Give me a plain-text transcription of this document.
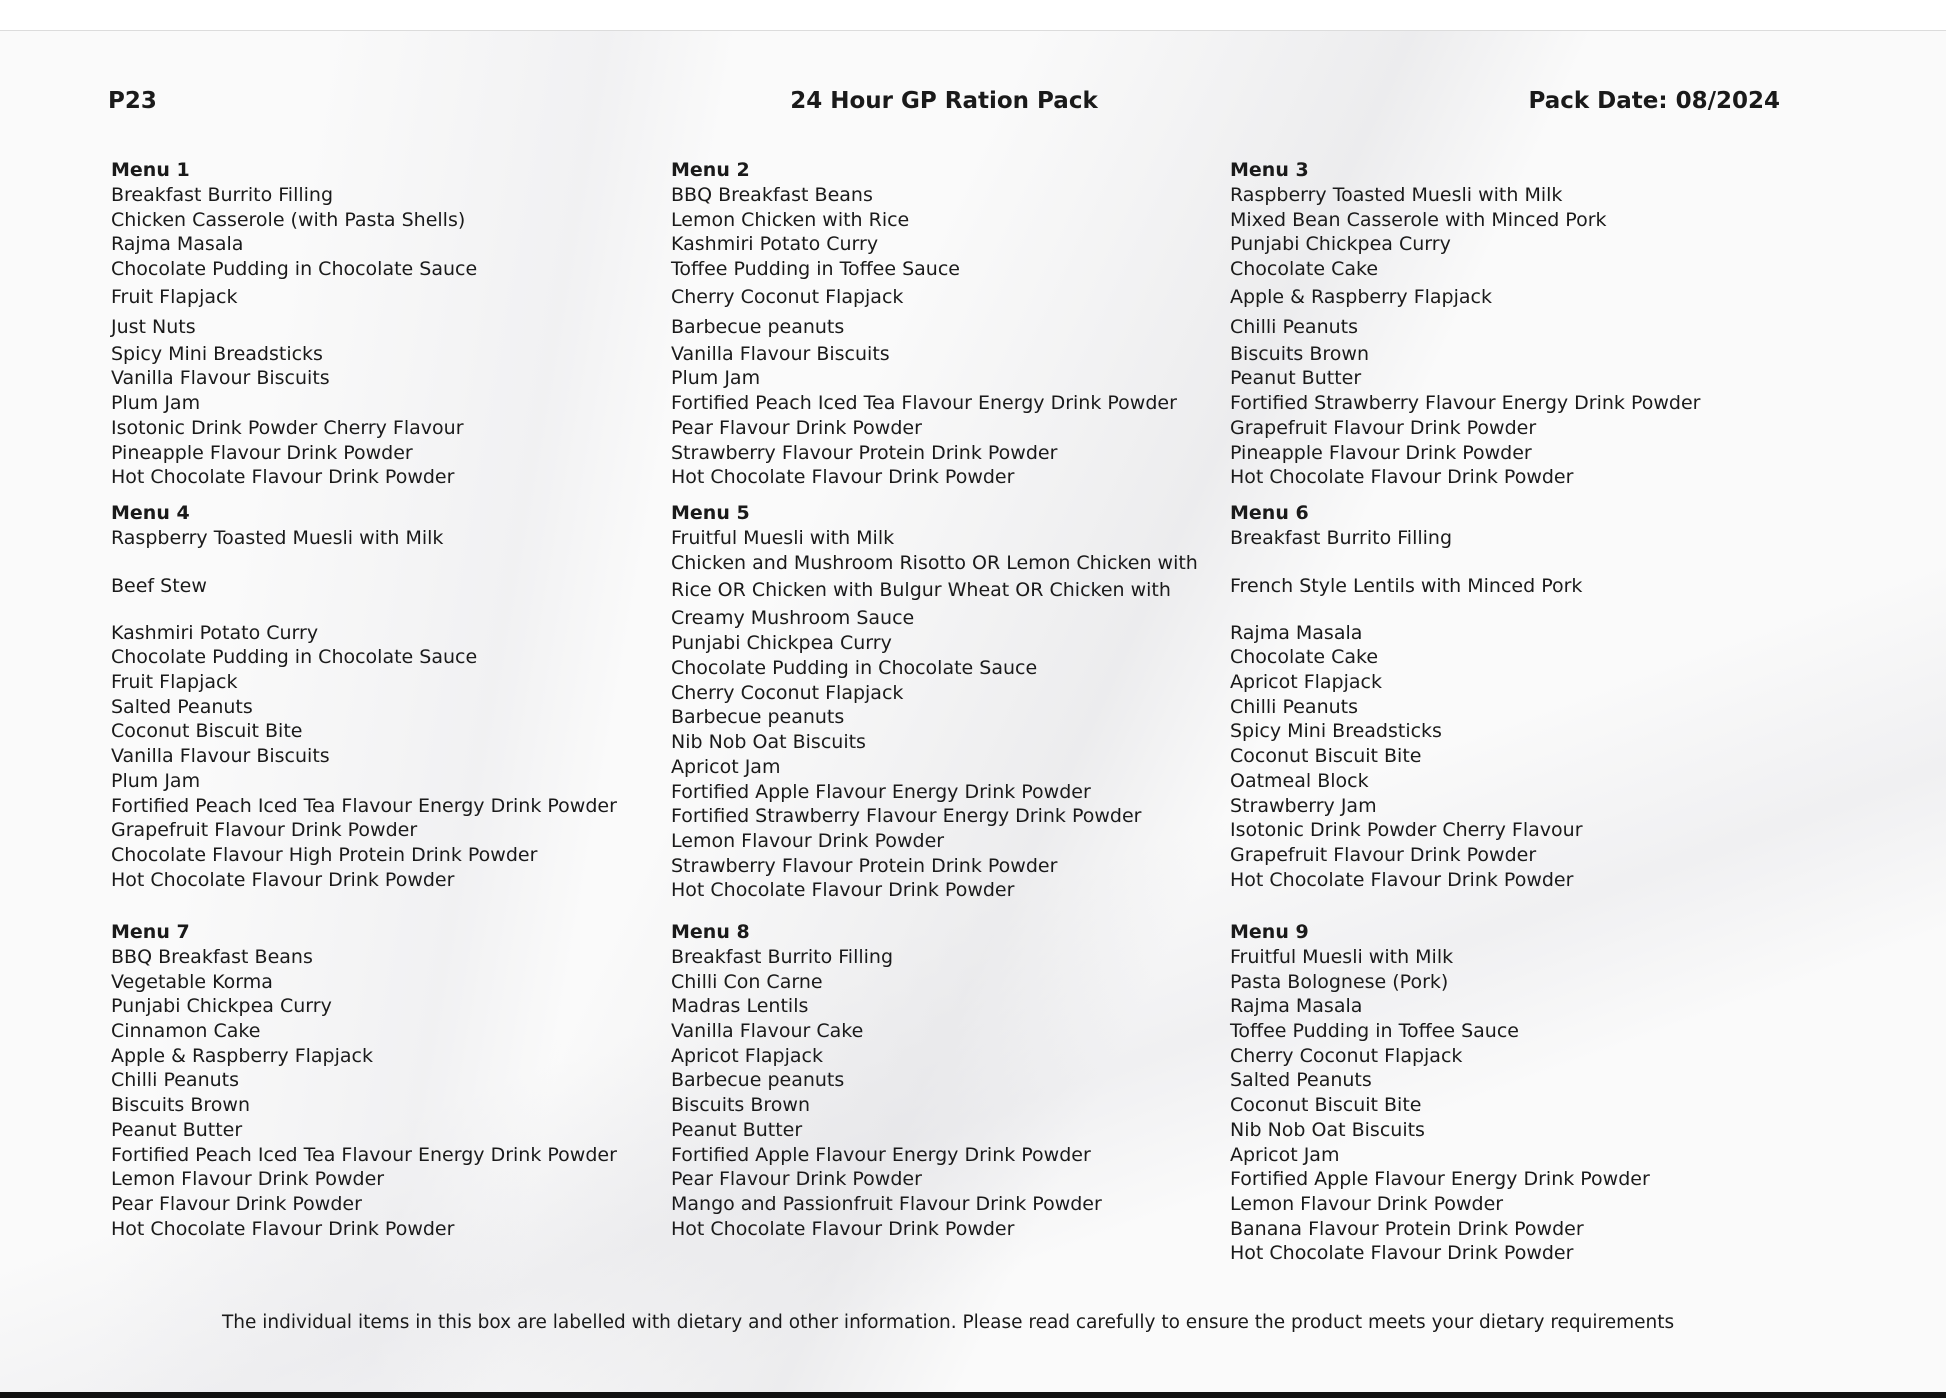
P23	24 Hour GP Ration Pack	Pack Date: 08/2024
Menu 1
Breakfast Burrito Filling
Chicken Casserole (with Pasta Shells)
Rajma Masala
Chocolate Pudding in Chocolate Sauce
Fruit Flapjack
Just Nuts
Spicy Mini Breadsticks
Vanilla Flavour Biscuits
Plum Jam
Isotonic Drink Powder Cherry Flavour
Pineapple Flavour Drink Powder
Hot Chocolate Flavour Drink Powder
Menu 4
Raspberry Toasted Muesli with Milk
Beef Stew
Kashmiri Potato Curry
Chocolate Pudding in Chocolate Sauce
Fruit Flapjack
Salted Peanuts
Coconut Biscuit Bite
Vanilla Flavour Biscuits
Plum Jam
Fortified Peach Iced Tea Flavour Energy Drink Powder
Grapefruit Flavour Drink Powder
Chocolate Flavour High Protein Drink Powder
Hot Chocolate Flavour Drink Powder
Menu 7
BBQ Breakfast Beans
Vegetable Korma
Punjabi Chickpea Curry
Cinnamon Cake
Apple & Raspberry Flapjack
Chilli Peanuts
Biscuits Brown
Peanut Butter
Fortified Peach Iced Tea Flavour Energy Drink Powder
Lemon Flavour Drink Powder
Pear Flavour Drink Powder
Hot Chocolate Flavour Drink Powder
Menu 2
BBQ Breakfast Beans
Lemon Chicken with Rice
Kashmiri Potato Curry
Toffee Pudding in Toffee Sauce
Cherry Coconut Flapjack
Barbecue peanuts
Vanilla Flavour Biscuits
Plum Jam
Fortified Peach Iced Tea Flavour Energy Drink Powder
Pear Flavour Drink Powder
Strawberry Flavour Protein Drink Powder
Hot Chocolate Flavour Drink Powder
Menu 5
Fruitful Muesli with Milk
Chicken and Mushroom Risotto OR Lemon Chicken with
Rice OR Chicken with Bulgur Wheat OR Chicken with
Creamy Mushroom Sauce
Punjabi Chickpea Curry
Chocolate Pudding in Chocolate Sauce
Cherry Coconut Flapjack
Barbecue peanuts
Nib Nob Oat Biscuits
Apricot Jam
Fortified Apple Flavour Energy Drink Powder
Fortified Strawberry Flavour Energy Drink Powder
Lemon Flavour Drink Powder
Strawberry Flavour Protein Drink Powder
Hot Chocolate Flavour Drink Powder
Menu 8
Breakfast Burrito Filling
Chilli Con Carne
Madras Lentils
Vanilla Flavour Cake
Apricot Flapjack
Barbecue peanuts
Biscuits Brown
Peanut Butter
Fortified Apple Flavour Energy Drink Powder
Pear Flavour Drink Powder
Mango and Passionfruit Flavour Drink Powder
Hot Chocolate Flavour Drink Powder
Menu 3
Raspberry Toasted Muesli with Milk
Mixed Bean Casserole with Minced Pork
Punjabi Chickpea Curry
Chocolate Cake
Apple & Raspberry Flapjack
Chilli Peanuts
Biscuits Brown
Peanut Butter
Fortified Strawberry Flavour Energy Drink Powder
Grapefruit Flavour Drink Powder
Pineapple Flavour Drink Powder
Hot Chocolate Flavour Drink Powder
Menu 6
Breakfast Burrito Filling
French Style Lentils with Minced Pork
Rajma Masala
Chocolate Cake
Apricot Flapjack
Chilli Peanuts
Spicy Mini Breadsticks
Coconut Biscuit Bite
Oatmeal Block
Strawberry Jam
Isotonic Drink Powder Cherry Flavour
Grapefruit Flavour Drink Powder
Hot Chocolate Flavour Drink Powder
Menu 9
Fruitful Muesli with Milk
Pasta Bolognese (Pork)
Rajma Masala
Toffee Pudding in Toffee Sauce
Cherry Coconut Flapjack
Salted Peanuts
Coconut Biscuit Bite
Nib Nob Oat Biscuits
Apricot Jam
Fortified Apple Flavour Energy Drink Powder
Lemon Flavour Drink Powder
Banana Flavour Protein Drink Powder
Hot Chocolate Flavour Drink Powder
The individual items in this box are labelled with dietary and other information. Please read carefully to ensure the product meets your dietary requirements
